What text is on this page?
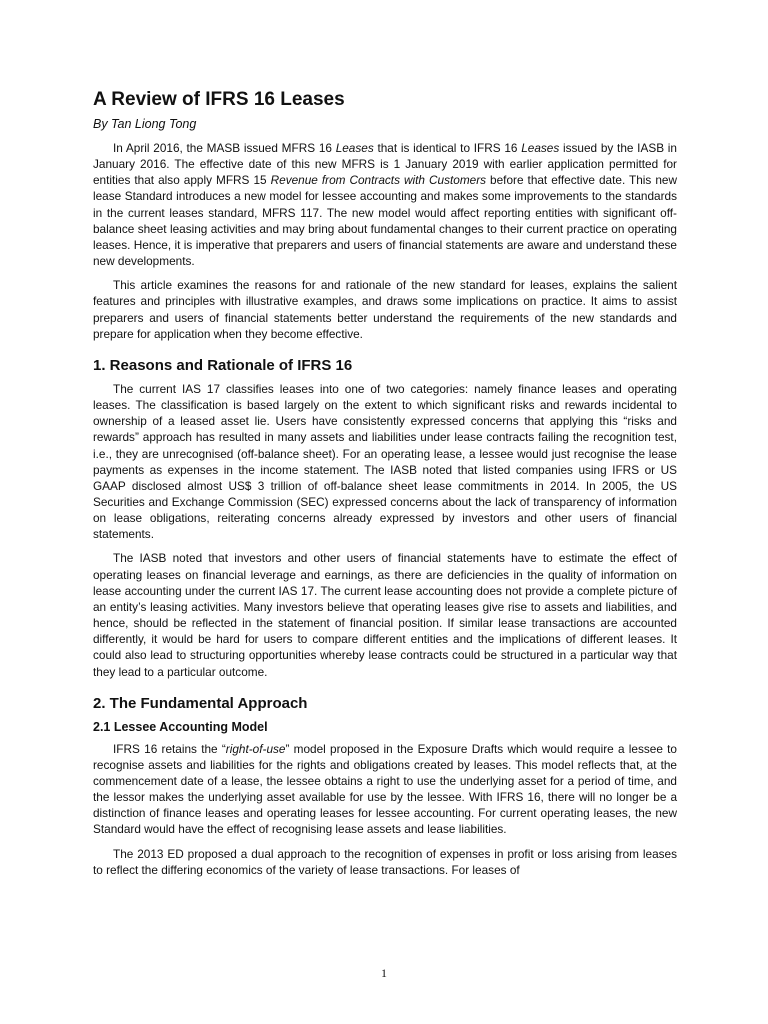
A Review of IFRS 16 Leases
By Tan Liong Tong

In April 2016, the MASB issued MFRS 16 Leases that is identical to IFRS 16 Leases issued by the IASB in January 2016. The effective date of this new MFRS is 1 January 2019 with earlier application permitted for entities that also apply MFRS 15 Revenue from Contracts with Customers before that effective date. This new lease Standard introduces a new model for lessee accounting and makes some improvements to the standards in the current leases standard, MFRS 117. The new model would affect reporting entities with significant off-balance sheet leasing activities and may bring about fundamental changes to their current practice on operating leases. Hence, it is imperative that preparers and users of financial statements are aware and understand these new developments.

This article examines the reasons for and rationale of the new standard for leases, explains the salient features and principles with illustrative examples, and draws some implications on practice. It aims to assist preparers and users of financial statements better understand the requirements of the new standards and prepare for application when they become effective.

1. Reasons and Rationale of IFRS 16

The current IAS 17 classifies leases into one of two categories: namely finance leases and operating leases. The classification is based largely on the extent to which significant risks and rewards incidental to ownership of a leased asset lie. Users have consistently expressed concerns that applying this “risks and rewards” approach has resulted in many assets and liabilities under lease contracts failing the recognition test, i.e., they are unrecognised (off-balance sheet). For an operating lease, a lessee would just recognise the lease payments as expenses in the income statement. The IASB noted that listed companies using IFRS or US GAAP disclosed almost US$ 3 trillion of off-balance sheet lease commitments in 2014. In 2005, the US Securities and Exchange Commission (SEC) expressed concerns about the lack of transparency of information on lease obligations, reiterating concerns already expressed by investors and other users of financial statements.

The IASB noted that investors and other users of financial statements have to estimate the effect of operating leases on financial leverage and earnings, as there are deficiencies in the quality of information on lease accounting under the current IAS 17. The current lease accounting does not provide a complete picture of an entity’s leasing activities. Many investors believe that operating leases give rise to assets and liabilities, and hence, should be reflected in the statement of financial position. If similar lease transactions are accounted differently, it would be hard for users to compare different entities and the implications of different leases. It could also lead to structuring opportunities whereby lease contracts could be structured in a particular way that they lead to a particular outcome.

2. The Fundamental Approach
2.1 Lessee Accounting Model

IFRS 16 retains the “right-of-use” model proposed in the Exposure Drafts which would require a lessee to recognise assets and liabilities for the rights and obligations created by leases. This model reflects that, at the commencement date of a lease, the lessee obtains a right to use the underlying asset for a period of time, and the lessor makes the underlying asset available for use by the lessee. With IFRS 16, there will no longer be a distinction of finance leases and operating leases for lessee accounting. For current operating leases, the new Standard would have the effect of recognising lease assets and lease liabilities.

The 2013 ED proposed a dual approach to the recognition of expenses in profit or loss arising from leases to reflect the differing economics of the variety of lease transactions. For leases of

1
